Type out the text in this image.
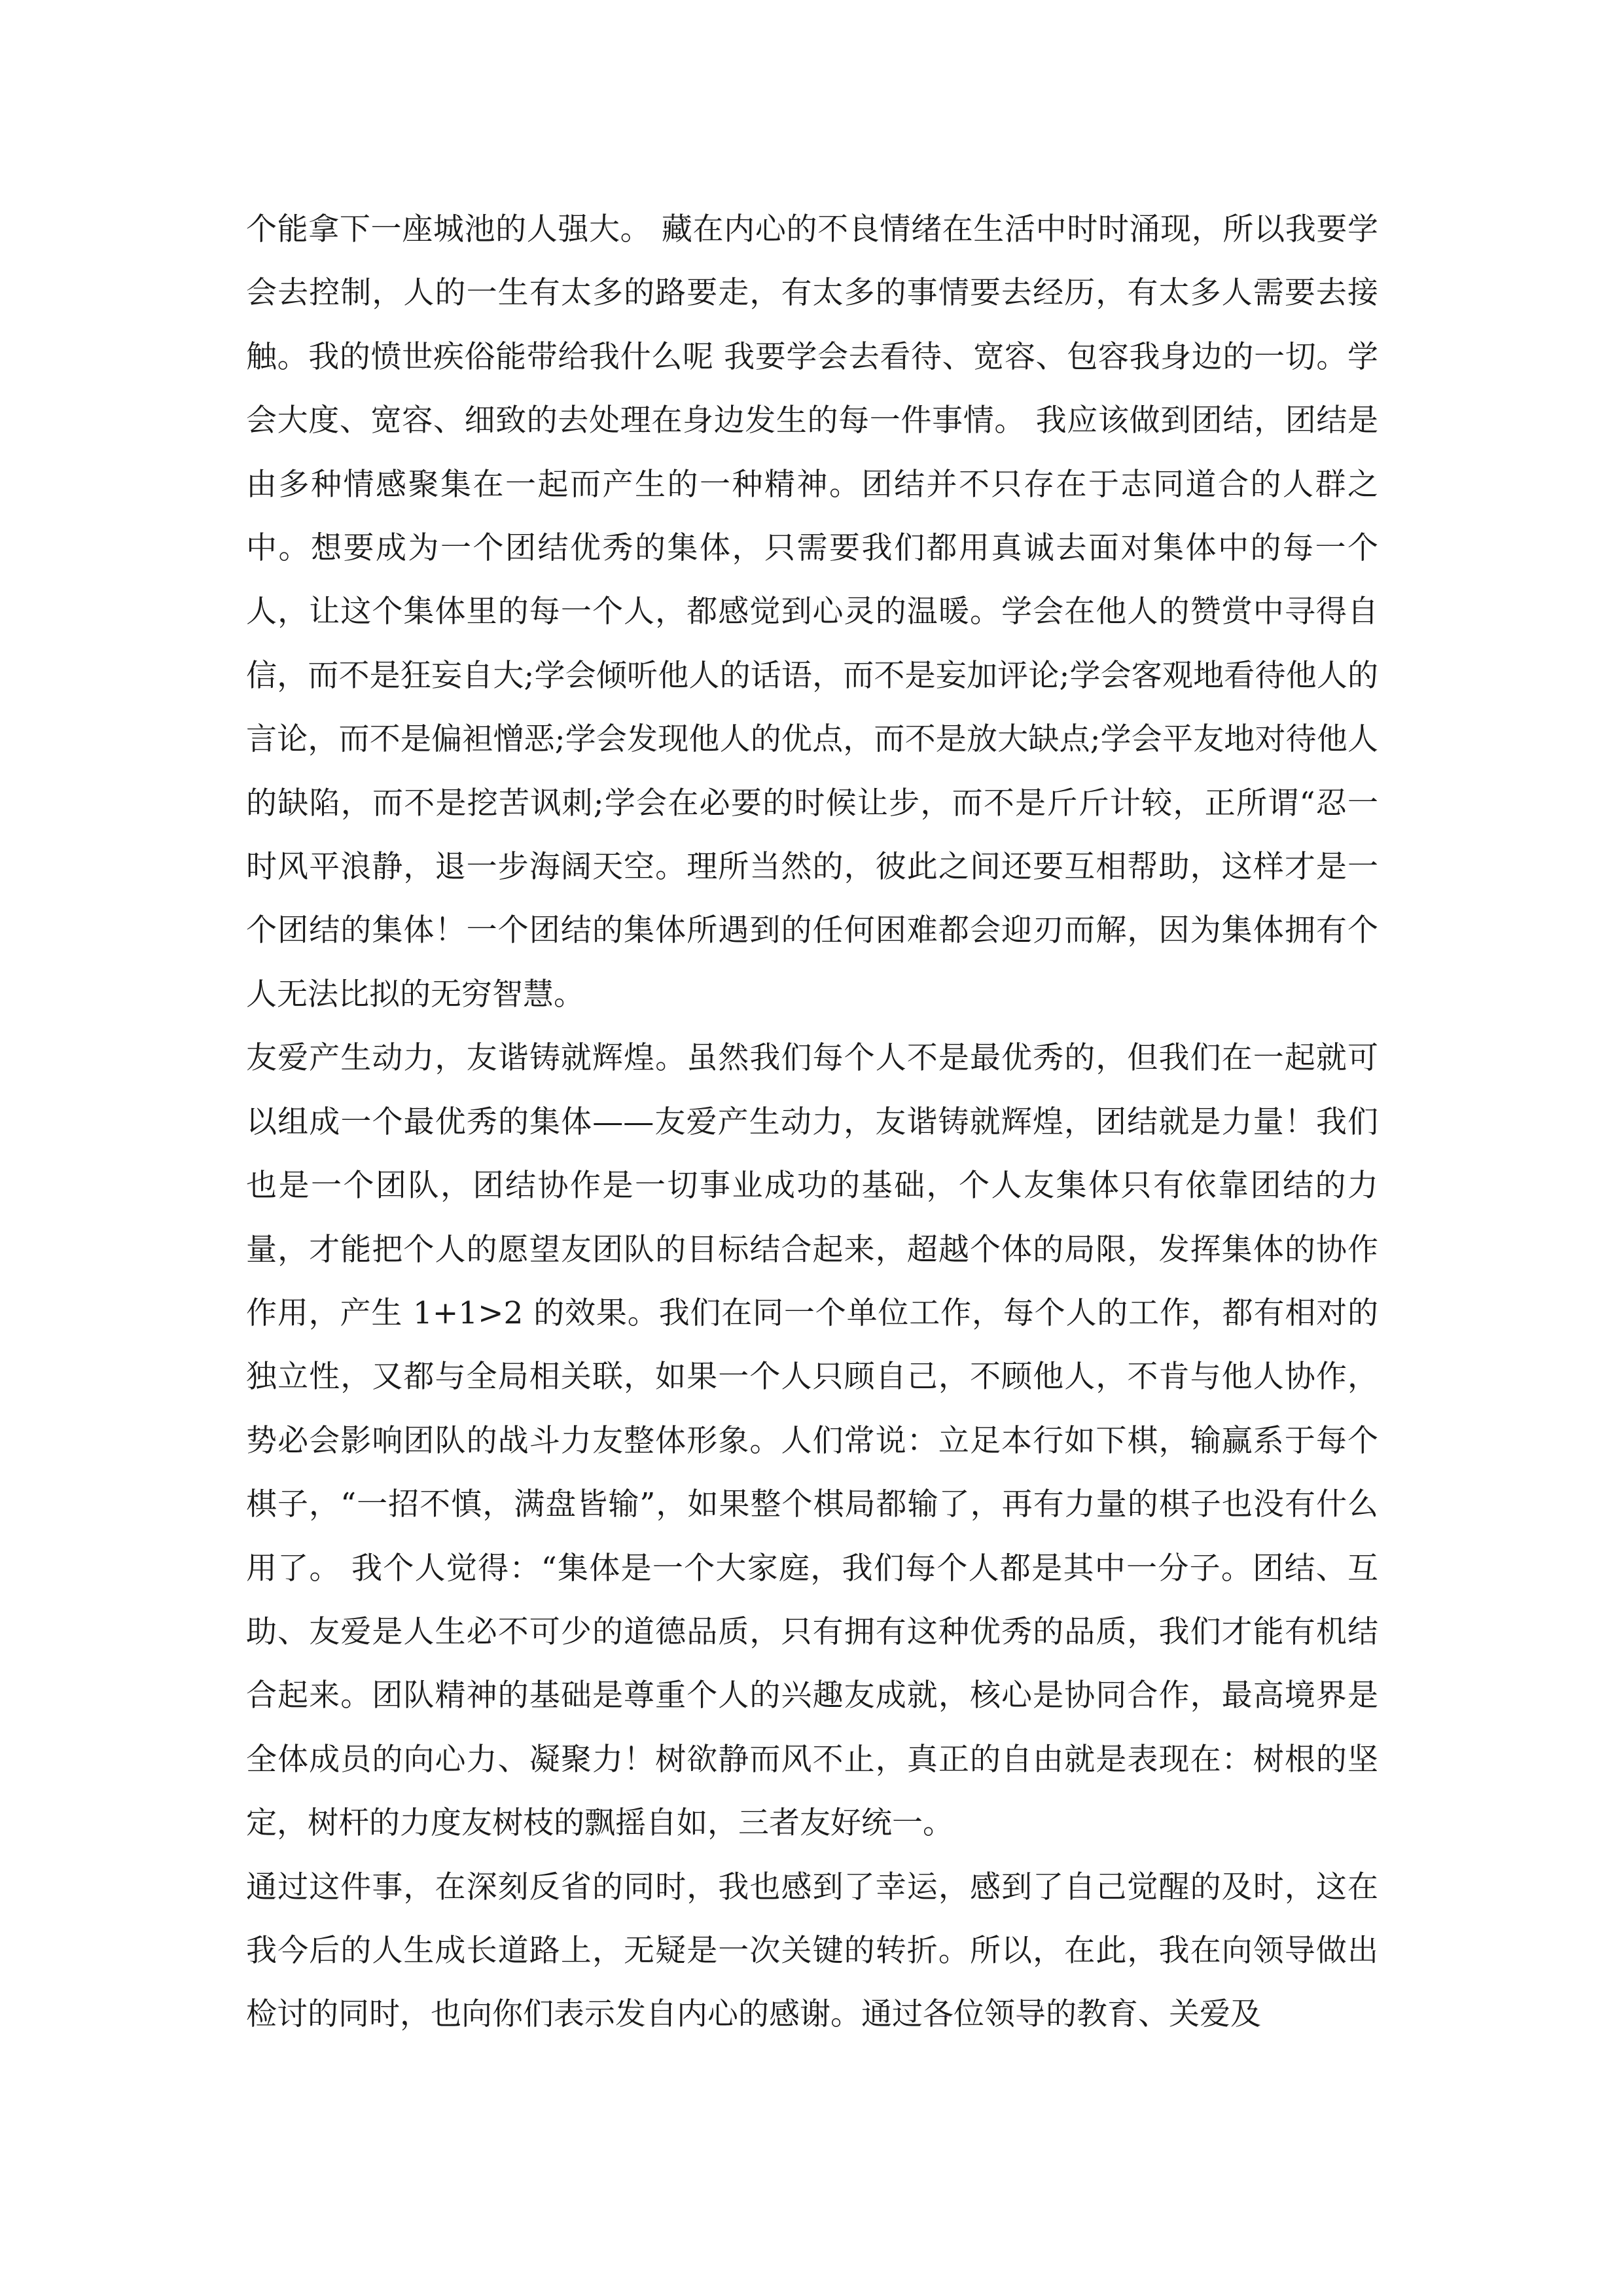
个能拿下一座城池的人强大。 藏在内心的不良情绪在生活中时时涌现，所以我要学会去控制，人的一生有太多的路要走，有太多的事情要去经历，有太多人需要去接触。我的愤世疾俗能带给我什么呢 我要学会去看待、宽容、包容我身边的一切。学会大度、宽容、细致的去处理在身边发生的每一件事情。 我应该做到团结，团结是由多种情感聚集在一起而产生的一种精神。团结并不只存在于志同道合的人群之中。想要成为一个团结优秀的集体，只需要我们都用真诚去面对集体中的每一个人，让这个集体里的每一个人，都感觉到心灵的温暖。学会在他人的赞赏中寻得自信，而不是狂妄自大;学会倾听他人的话语，而不是妄加评论;学会客观地看待他人的言论，而不是偏袒憎恶;学会发现他人的优点，而不是放大缺点;学会平友地对待他人的缺陷，而不是挖苦讽刺;学会在必要的时候让步，而不是斤斤计较，正所谓“忍一时风平浪静，退一步海阔天空。理所当然的，彼此之间还要互相帮助，这样才是一个团结的集体！一个团结的集体所遇到的任何困难都会迎刃而解，因为集体拥有个人无法比拟的无穷智慧。

友爱产生动力，友谐铸就辉煌。虽然我们每个人不是最优秀的，但我们在一起就可以组成一个最优秀的集体——友爱产生动力，友谐铸就辉煌，团结就是力量！我们也是一个团队，团结协作是一切事业成功的基础，个人友集体只有依靠团结的力量，才能把个人的愿望友团队的目标结合起来，超越个体的局限，发挥集体的协作作用，产生 1+1>2 的效果。我们在同一个单位工作，每个人的工作，都有相对的独立性，又都与全局相关联，如果一个人只顾自己，不顾他人，不肯与他人协作，势必会影响团队的战斗力友整体形象。人们常说：立足本行如下棋，输赢系于每个棋子，“一招不慎，满盘皆输”，如果整个棋局都输了，再有力量的棋子也没有什么用了。 我个人觉得：“集体是一个大家庭，我们每个人都是其中一分子。团结、互助、友爱是人生必不可少的道德品质，只有拥有这种优秀的品质，我们才能有机结合起来。团队精神的基础是尊重个人的兴趣友成就，核心是协同合作，最高境界是全体成员的向心力、凝聚力！树欲静而风不止，真正的自由就是表现在：树根的坚定，树杆的力度友树枝的飘摇自如，三者友好统一。

通过这件事，在深刻反省的同时，我也感到了幸运，感到了自己觉醒的及时，这在我今后的人生成长道路上，无疑是一次关键的转折。所以，在此，我在向领导做出检讨的同时，也向你们表示发自内心的感谢。通过各位领导的教育、关爱及
